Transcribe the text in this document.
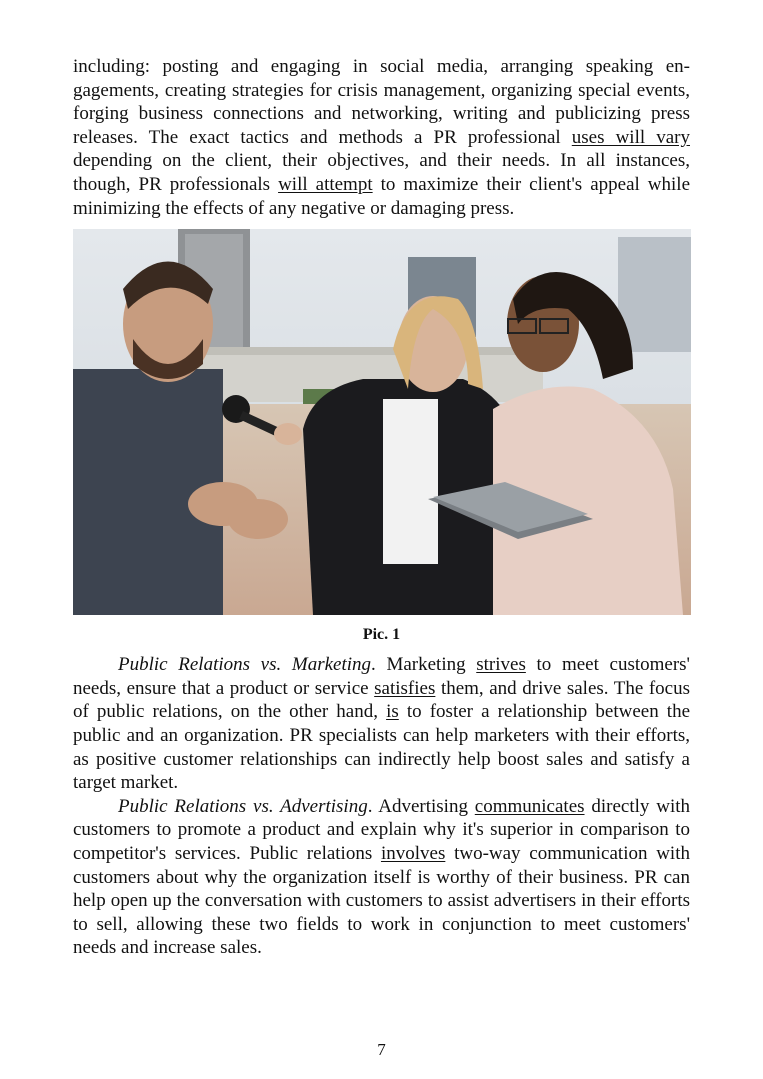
including: posting and engaging in social media, arranging speaking engagements, creating strategies for crisis management, organizing special events, forging business connections and networking, writing and publicizing press releases. The exact tactics and methods a PR professional uses will vary depending on the client, their objectives, and their needs. In all instances, though, PR professionals will attempt to maximize their client's appeal while minimizing the effects of any negative or damaging press.

Pic. 1

Public Relations vs. Marketing. Marketing strives to meet customers' needs, ensure that a product or service satisfies them, and drive sales. The focus of public relations, on the other hand, is to foster a relationship between the public and an organization. PR specialists can help marketers with their efforts, as positive customer relationships can indirectly help boost sales and satisfy a target market.

Public Relations vs. Advertising. Advertising communicates directly with customers to promote a product and explain why it's superior in comparison to competitor's services. Public relations involves two-way communication with customers about why the organization itself is worthy of their business. PR can help open up the conversation with customers to assist advertisers in their efforts to sell, allowing these two fields to work in conjunction to meet customers' needs and increase sales.

7
